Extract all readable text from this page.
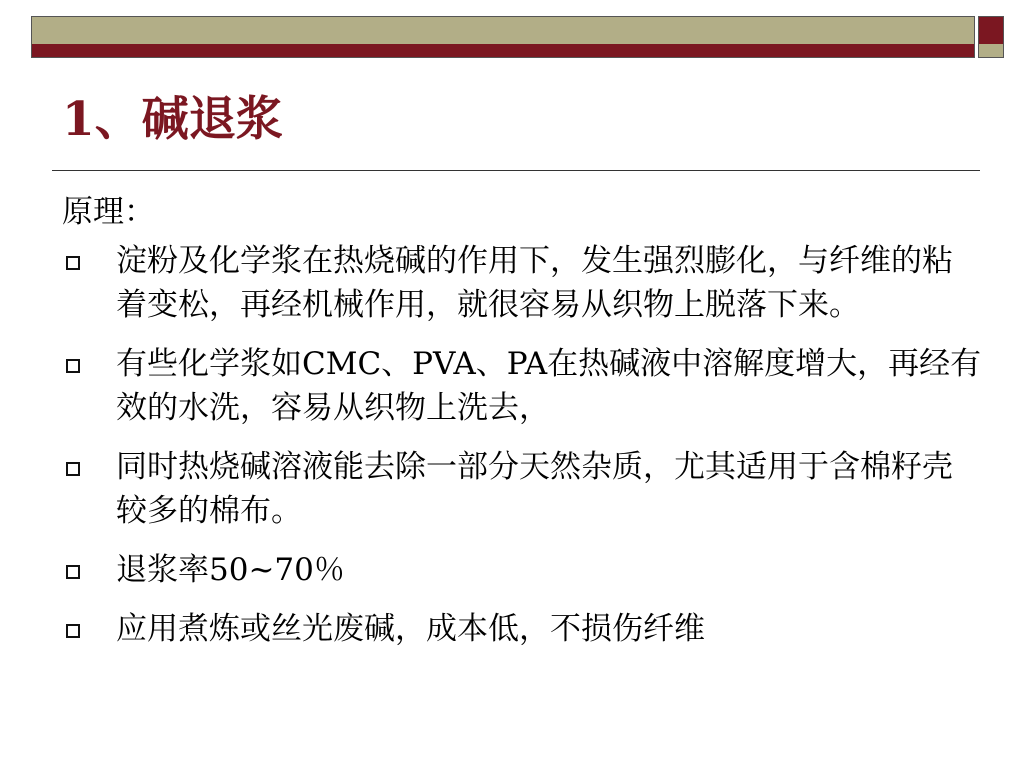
1、碱退浆

原理：

淀粉及化学浆在热烧碱的作用下，发生强烈膨化，与纤维的粘着变松，再经机械作用，就很容易从织物上脱落下来。
有些化学浆如CMC、PVA、PA在热碱液中溶解度增大，再经有效的水洗，容易从织物上洗去，
同时热烧碱溶液能去除一部分天然杂质，尤其适用于含棉籽壳较多的棉布。
退浆率50~70％
应用煮炼或丝光废碱，成本低，不损伤纤维
